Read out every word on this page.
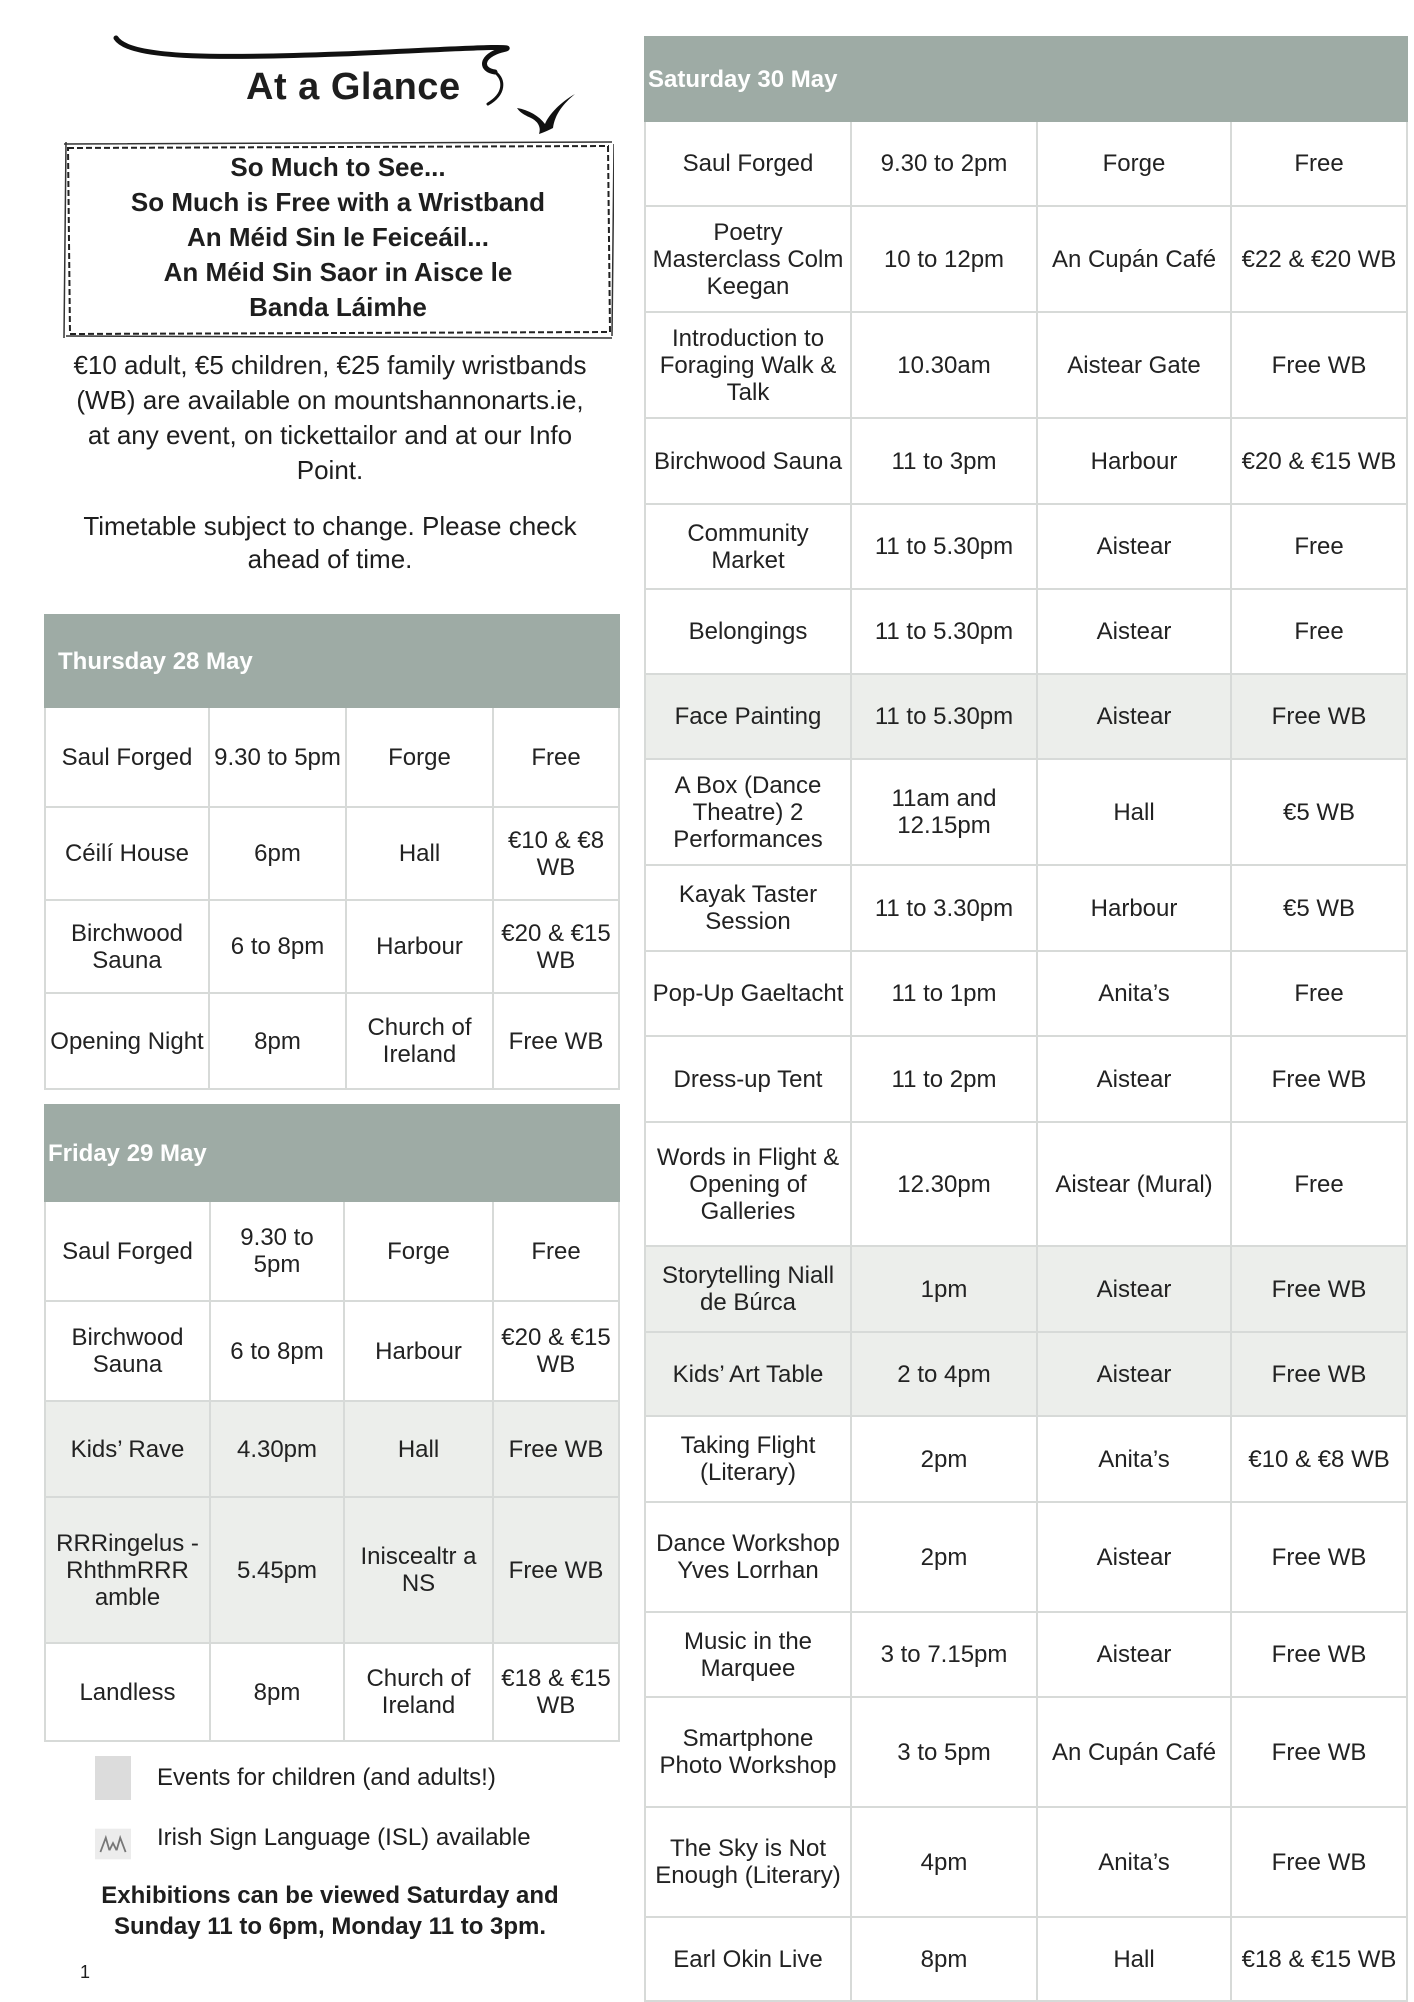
At a Glance
So Much to See...
So Much is Free with a Wristband
An Méid Sin le Feiceáil...
An Méid Sin Saor in Aisce le
Banda Láimhe
€10 adult, €5 children, €25 family wristbands (WB) are available on mountshannonarts.ie, at any event, on tickettailor and at our Info Point.
Timetable subject to change. Please check ahead of time.
Thursday 28 May			
Saul Forged	9.30 to 5pm	Forge	Free
Céilí House	6pm	Hall	€10 & €8 WB
Birchwood Sauna	6 to 8pm	Harbour	€20 & €15 WB
Opening Night	8pm	Church of Ireland	Free WB
Friday 29 May			
Saul Forged	9.30 to 5pm	Forge	Free
Birchwood Sauna	6 to 8pm	Harbour	€20 & €15 WB
Kids’ Rave	4.30pm	Hall	Free WB
RRRingelus - RhthmRRR amble	5.45pm	Iniscealtr a NS	Free WB
Landless	8pm	Church of Ireland	€18 & €15 WB
Saturday 30 May			
Saul Forged	9.30 to 2pm	Forge	Free
Poetry Masterclass Colm Keegan	10 to 12pm	An Cupán Café	€22 & €20 WB
Introduction to Foraging Walk & Talk	10.30am	Aistear Gate	Free WB
Birchwood Sauna	11 to 3pm	Harbour	€20 & €15 WB
Community Market	11 to 5.30pm	Aistear	Free
Belongings	11 to 5.30pm	Aistear	Free
Face Painting	11 to 5.30pm	Aistear	Free WB
A Box (Dance Theatre) 2 Performances	11am and 12.15pm	Hall	€5 WB
Kayak Taster Session	11 to 3.30pm	Harbour	€5 WB
Pop-Up Gaeltacht	11 to 1pm	Anita’s	Free
Dress-up Tent	11 to 2pm	Aistear	Free WB
Words in Flight & Opening of Galleries	12.30pm	Aistear (Mural)	Free
Storytelling Niall de Búrca	1pm	Aistear	Free WB
Kids’ Art Table	2 to 4pm	Aistear	Free WB
Taking Flight (Literary)	2pm	Anita’s	€10 & €8 WB
Dance Workshop Yves Lorrhan	2pm	Aistear	Free WB
Music in the Marquee	3 to 7.15pm	Aistear	Free WB
Smartphone Photo Workshop	3 to 5pm	An Cupán Café	Free WB
The Sky is Not Enough (Literary)	4pm	Anita’s	Free WB
Earl Okin Live	8pm	Hall	€18 & €15 WB
Events for children (and adults!)
Irish Sign Language (ISL) available
Exhibitions can be viewed Saturday and Sunday 11 to 6pm, Monday 11 to 3pm.
1
